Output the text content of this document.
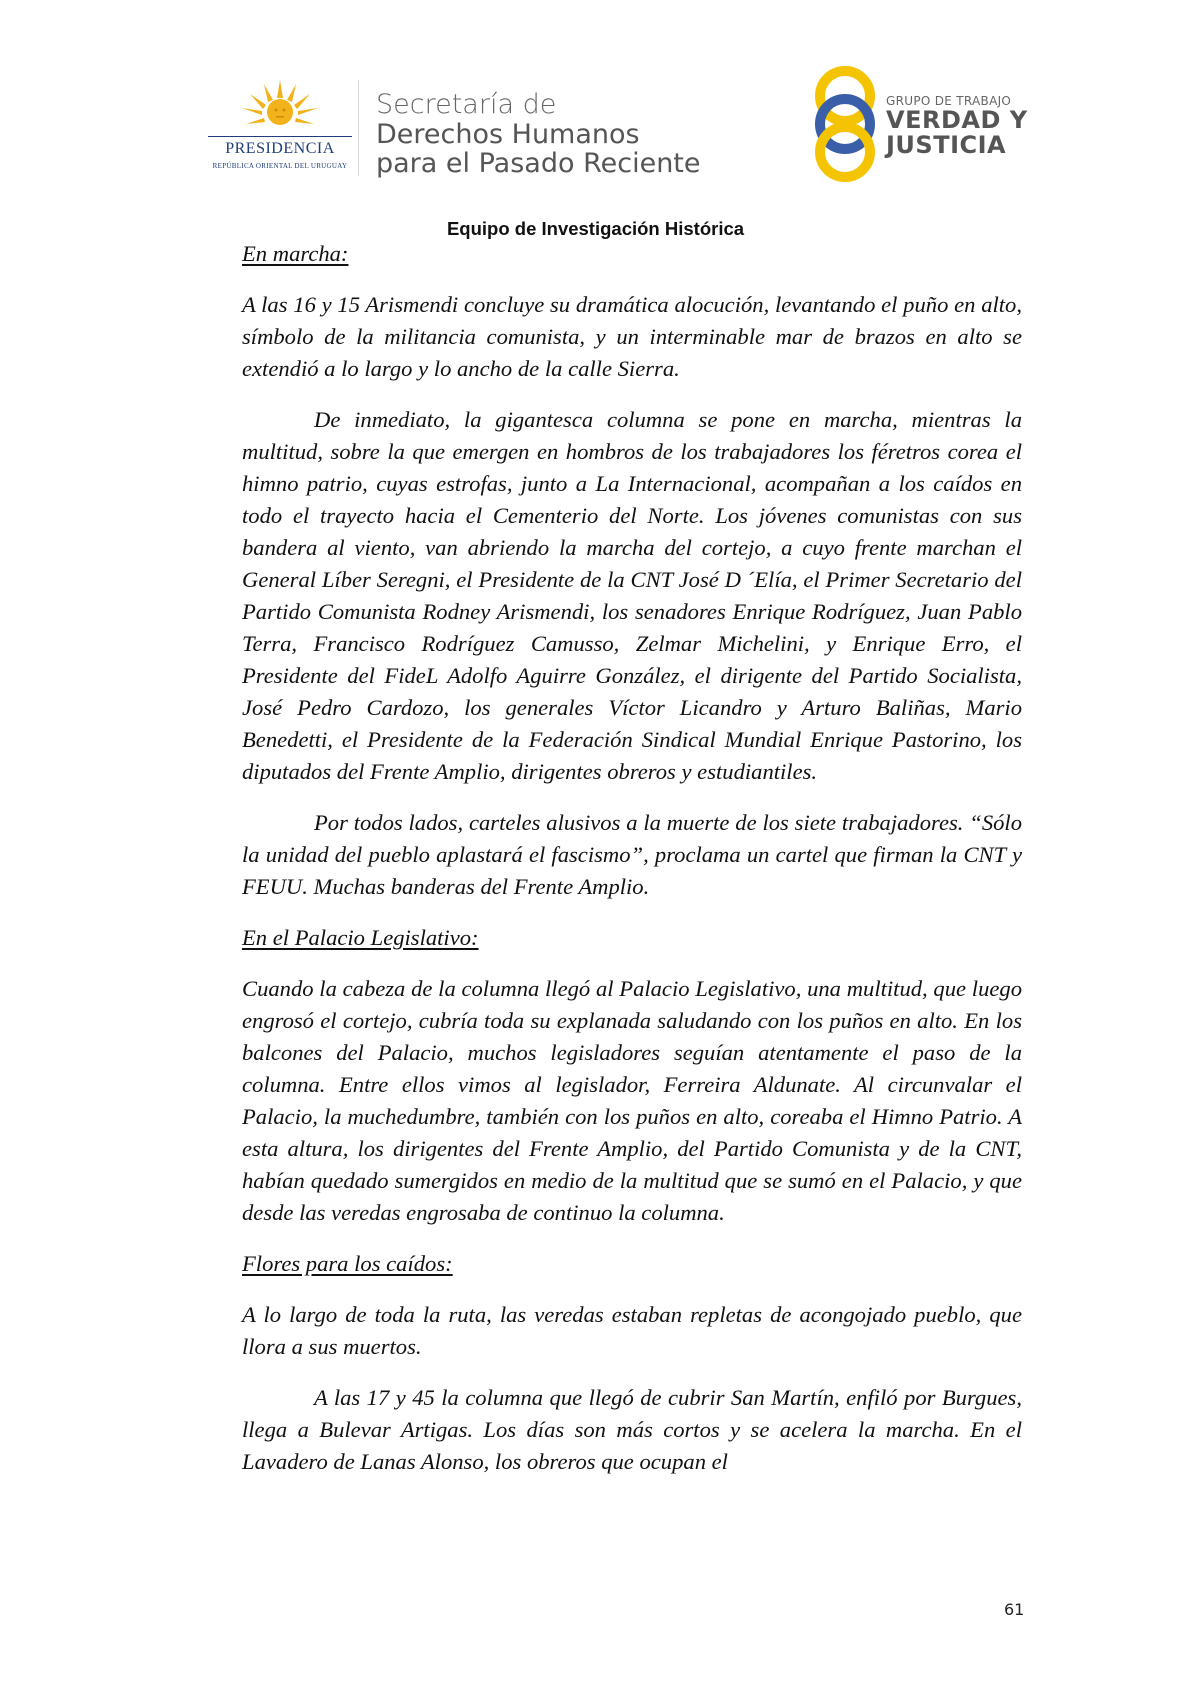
PRESIDENCIA
REPÚBLICA ORIENTAL DEL URUGUAY
Secretaría de
Derechos Humanos
para el Pasado Reciente
GRUPO DE TRABAJO
VERDAD Y
JUSTICIA
Equipo de Investigación Histórica

En marcha:

A las 16 y 15 Arismendi concluye su dramática alocución, levantando el puño en alto, símbolo de la militancia comunista, y un interminable mar de brazos en alto se extendió a lo largo y lo ancho de la calle Sierra.

De inmediato, la gigantesca columna se pone en marcha, mientras la multitud, sobre la que emergen en hombros de los trabajadores los féretros corea el himno patrio, cuyas estrofas, junto a La Internacional, acompañan a los caídos en todo el trayecto hacia el Cementerio del Norte. Los jóvenes comunistas con sus bandera al viento, van abriendo la marcha del cortejo, a cuyo frente marchan el General Líber Seregni, el Presidente de la CNT José D ´Elía, el Primer Secretario del Partido Comunista Rodney Arismendi, los senadores Enrique Rodríguez, Juan Pablo Terra, Francisco Rodríguez Camusso, Zelmar Michelini, y Enrique Erro, el Presidente del FideL Adolfo Aguirre González, el dirigente del Partido Socialista, José Pedro Cardozo, los generales Víctor Licandro y Arturo Baliñas, Mario Benedetti, el Presidente de la Federación Sindical Mundial Enrique Pastorino, los diputados del Frente Amplio, dirigentes obreros y estudiantiles.

Por todos lados, carteles alusivos a la muerte de los siete trabajadores. “Sólo la unidad del pueblo aplastará el fascismo”, proclama un cartel que firman la CNT y FEUU. Muchas banderas del Frente Amplio.

En el Palacio Legislativo:

Cuando la cabeza de la columna llegó al Palacio Legislativo, una multitud, que luego engrosó el cortejo, cubría toda su explanada saludando con los puños en alto. En los balcones del Palacio, muchos legisladores seguían atentamente el paso de la columna. Entre ellos vimos al legislador, Ferreira Aldunate. Al circunvalar el Palacio, la muchedumbre, también con los puños en alto, coreaba el Himno Patrio. A esta altura, los dirigentes del Frente Amplio, del Partido Comunista y de la CNT, habían quedado sumergidos en medio de la multitud que se sumó en el Palacio, y que desde las veredas engrosaba de continuo la columna.

Flores para los caídos:

A lo largo de toda la ruta, las veredas estaban repletas de acongojado pueblo, que llora a sus muertos.

A las 17 y 45 la columna que llegó de cubrir San Martín, enfiló por Burgues, llega a Bulevar Artigas. Los días son más cortos y se acelera la marcha. En el Lavadero de Lanas Alonso, los obreros que ocupan el

61
